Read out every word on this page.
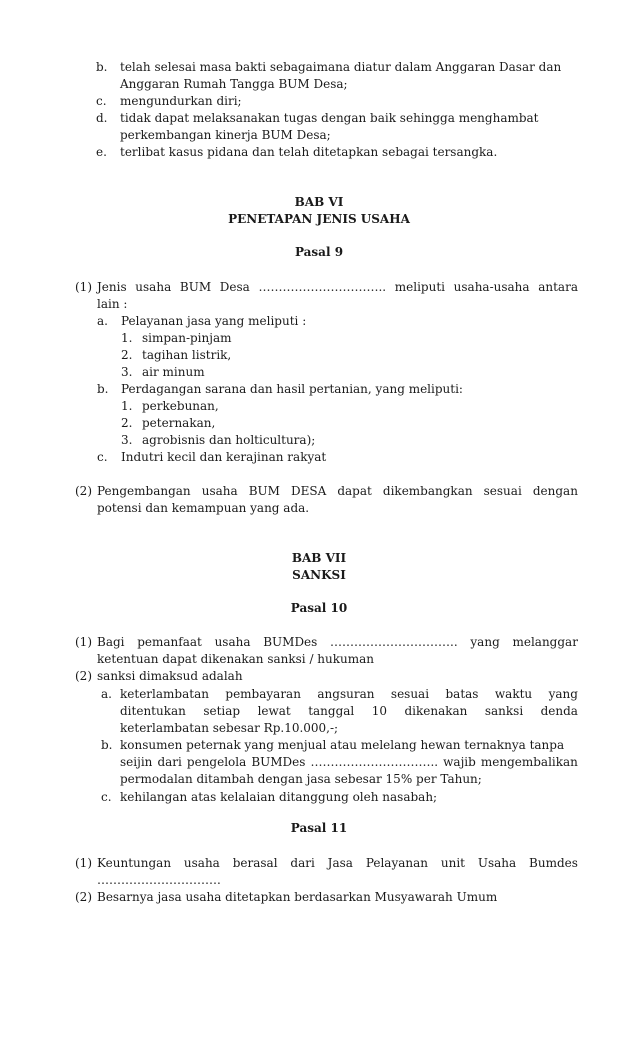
b. telah selesai masa bakti sebagaimana diatur dalam Anggaran Dasar dan
Anggaran Rumah Tangga BUM Desa;
c. mengundurkan diri;
d. tidak dapat melaksanakan tugas dengan baik sehingga menghambat
perkembangan kinerja BUM Desa;
e. terlibat kasus pidana dan telah ditetapkan sebagai tersangka.
BAB VI
PENETAPAN JENIS USAHA
Pasal 9
(1) Jenis usaha BUM Desa ………………………….. meliputi usaha-usaha antara
lain :
a. Pelayanan jasa yang meliputi :
1. simpan-pinjam
2. tagihan listrik,
3. air minum
b. Perdagangan sarana dan hasil pertanian, yang meliputi:
1. perkebunan,
2. peternakan,
3. agrobisnis dan holticultura);
c. Indutri kecil dan kerajinan rakyat
(2) Pengembangan usaha BUM DESA dapat dikembangkan sesuai dengan
potensi dan kemampuan yang ada.
BAB VII
SANKSI
Pasal 10
(1) Bagi pemanfaat usaha BUMDes ………………………….. yang melanggar
ketentuan dapat dikenakan sanksi / hukuman
(2) sanksi dimaksud adalah
a. keterlambatan pembayaran angsuran sesuai batas waktu yang
ditentukan setiap lewat tanggal 10 dikenakan sanksi denda
keterlambatan sebesar Rp.10.000,-;
b. konsumen peternak yang menjual atau melelang hewan ternaknya tanpa
seijin dari pengelola BUMDes ………………………….. wajib mengembalikan
permodalan ditambah dengan jasa sebesar 15% per Tahun;
c. kehilangan atas kelalaian ditanggung oleh nasabah;
Pasal 11
(1) Keuntungan usaha berasal dari Jasa Pelayanan unit Usaha Bumdes
………………………….
(2) Besarnya jasa usaha ditetapkan berdasarkan Musyawarah Umum
